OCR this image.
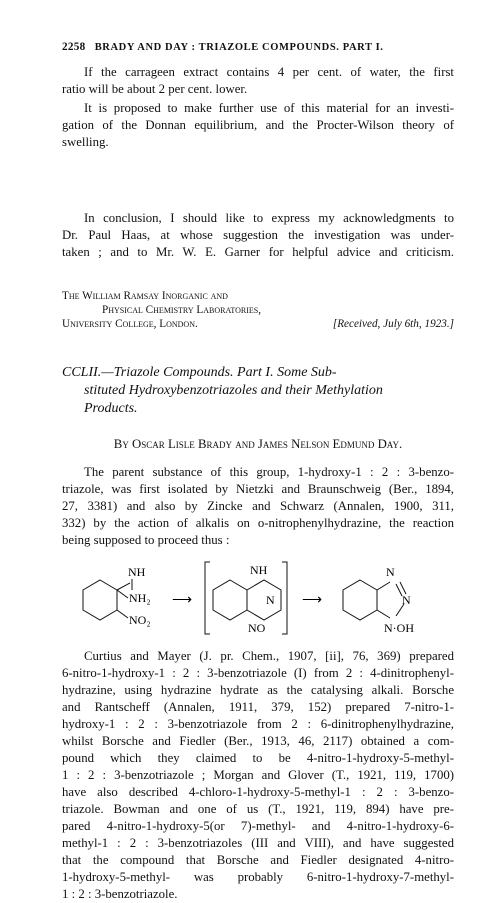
2258 BRADY AND DAY : TRIAZOLE COMPOUNDS. PART I.
If the carrageen extract contains 4 per cent. of water, the first
ratio will be about 2 per cent. lower.
It is proposed to make further use of this material for an investi-
gation of the Donnan equilibrium, and the Procter-Wilson theory of
swelling.
In conclusion, I should like to express my acknowledgments to
Dr. Paul Haas, at whose suggestion the investigation was under-
taken ; and to Mr. W. E. Garner for helpful advice and criticism.
The William Ramsay Inorganic and
Physical Chemistry Laboratories,
University College, London.	[Received, July 6th, 1923.]
CCLII.—Triazole Compounds. Part I. Some Sub-
stituted Hydroxybenzotriazoles and their Methylation
Products.
By Oscar Lisle Brady and James Nelson Edmund Day.
The parent substance of this group, 1-hydroxy-1 : 2 : 3-benzo-
triazole, was first isolated by Nietzki and Braunschweig (Ber., 1894,
27, 3381) and also by Zincke and Schwarz (Annalen, 1900, 311,
332) by the action of alkalis on o-nitrophenylhydrazine, the reaction
being supposed to proceed thus :
NH
NH₂
NO₂
⟶
NH
N
NO
⟶
N
N
N·OH
Curtius and Mayer (J. pr. Chem., 1907, [ii], 76, 369) prepared
6-nitro-1-hydroxy-1 : 2 : 3-benzotriazole (I) from 2 : 4-dinitrophenyl-
hydrazine, using hydrazine hydrate as the catalysing alkali. Borsche
and Rantscheff (Annalen, 1911, 379, 152) prepared 7-nitro-1-
hydroxy-1 : 2 : 3-benzotriazole from 2 : 6-dinitrophenylhydrazine,
whilst Borsche and Fiedler (Ber., 1913, 46, 2117) obtained a com-
pound which they claimed to be 4-nitro-1-hydroxy-5-methyl-
1 : 2 : 3-benzotriazole ; Morgan and Glover (T., 1921, 119, 1700)
have also described 4-chloro-1-hydroxy-5-methyl-1 : 2 : 3-benzo-
triazole. Bowman and one of us (T., 1921, 119, 894) have pre-
pared 4-nitro-1-hydroxy-5(or 7)-methyl- and 4-nitro-1-hydroxy-6-
methyl-1 : 2 : 3-benzotriazoles (III and VIII), and have suggested
that the compound that Borsche and Fiedler designated 4-nitro-
1-hydroxy-5-methyl- was probably 6-nitro-1-hydroxy-7-methyl-
1 : 2 : 3-benzotriazole.
